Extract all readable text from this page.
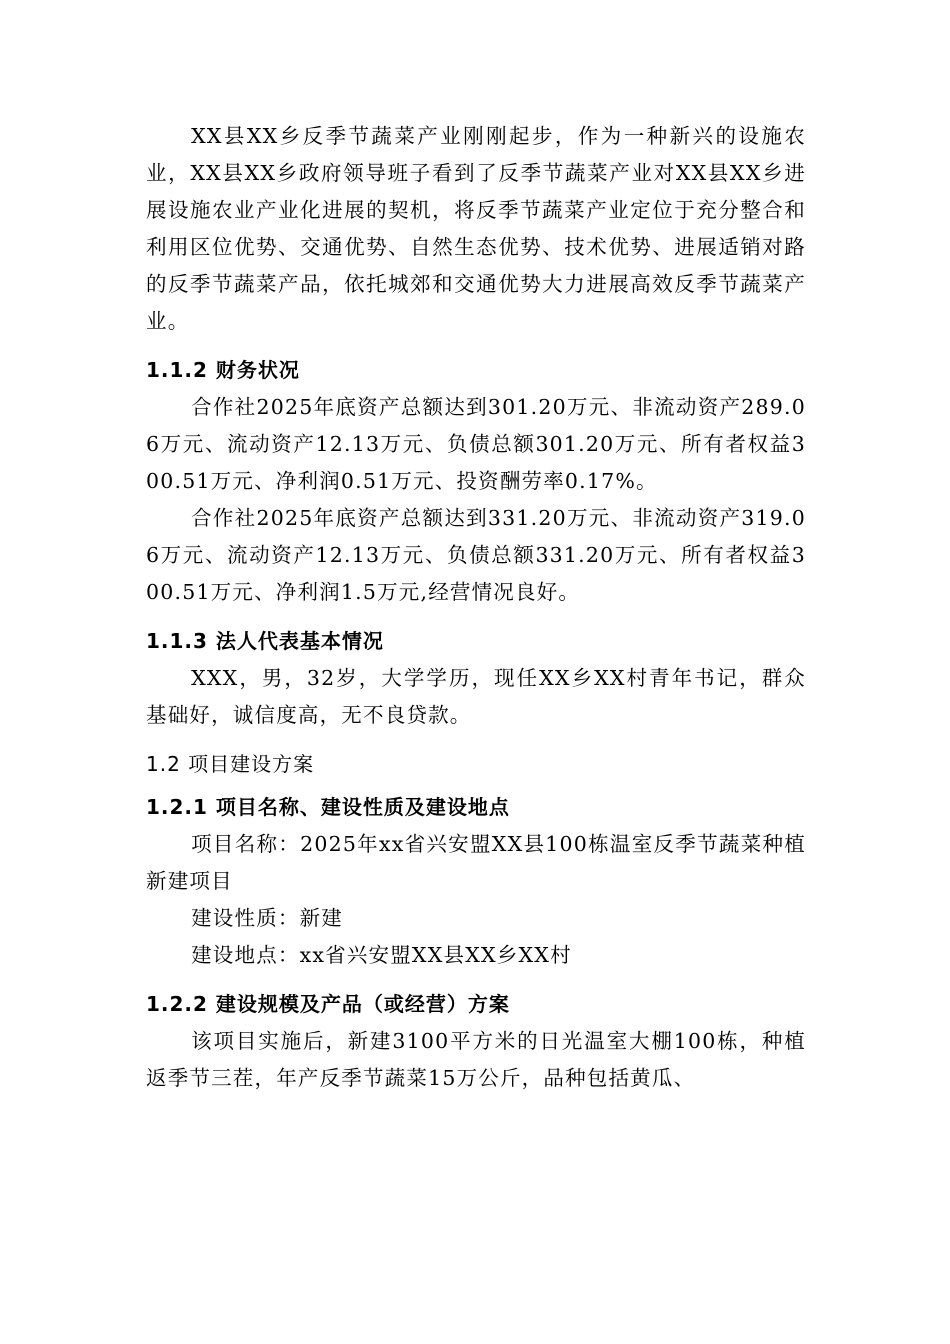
XX县XX乡反季节蔬菜产业刚刚起步，作为一种新兴的设施农业，XX县XX乡政府领导班子看到了反季节蔬菜产业对XX县XX乡进展设施农业产业化进展的契机，将反季节蔬菜产业定位于充分整合和利用区位优势、交通优势、自然生态优势、技术优势、进展适销对路的反季节蔬菜产品，依托城郊和交通优势大力进展高效反季节蔬菜产业。

1.1.2 财务状况

合作社2025年底资产总额达到301.20万元、非流动资产289.06万元、流动资产12.13万元、负债总额301.20万元、所有者权益300.51万元、净利润0.51万元、投资酬劳率0.17%。

合作社2025年底资产总额达到331.20万元、非流动资产319.06万元、流动资产12.13万元、负债总额331.20万元、所有者权益300.51万元、净利润1.5万元,经营情况良好。

1.1.3 法人代表基本情况

XXX，男，32岁，大学学历，现任XX乡XX村青年书记，群众基础好，诚信度高，无不良贷款。

1.2 项目建设方案
1.2.1 项目名称、建设性质及建设地点

项目名称：2025年xx省兴安盟XX县100栋温室反季节蔬菜种植新建项目

建设性质：新建

建设地点：xx省兴安盟XX县XX乡XX村

1.2.2 建设规模及产品（或经营）方案

该项目实施后，新建3100平方米的日光温室大棚100栋，种植返季节三茬，年产反季节蔬菜15万公斤，品种包括黄瓜、
